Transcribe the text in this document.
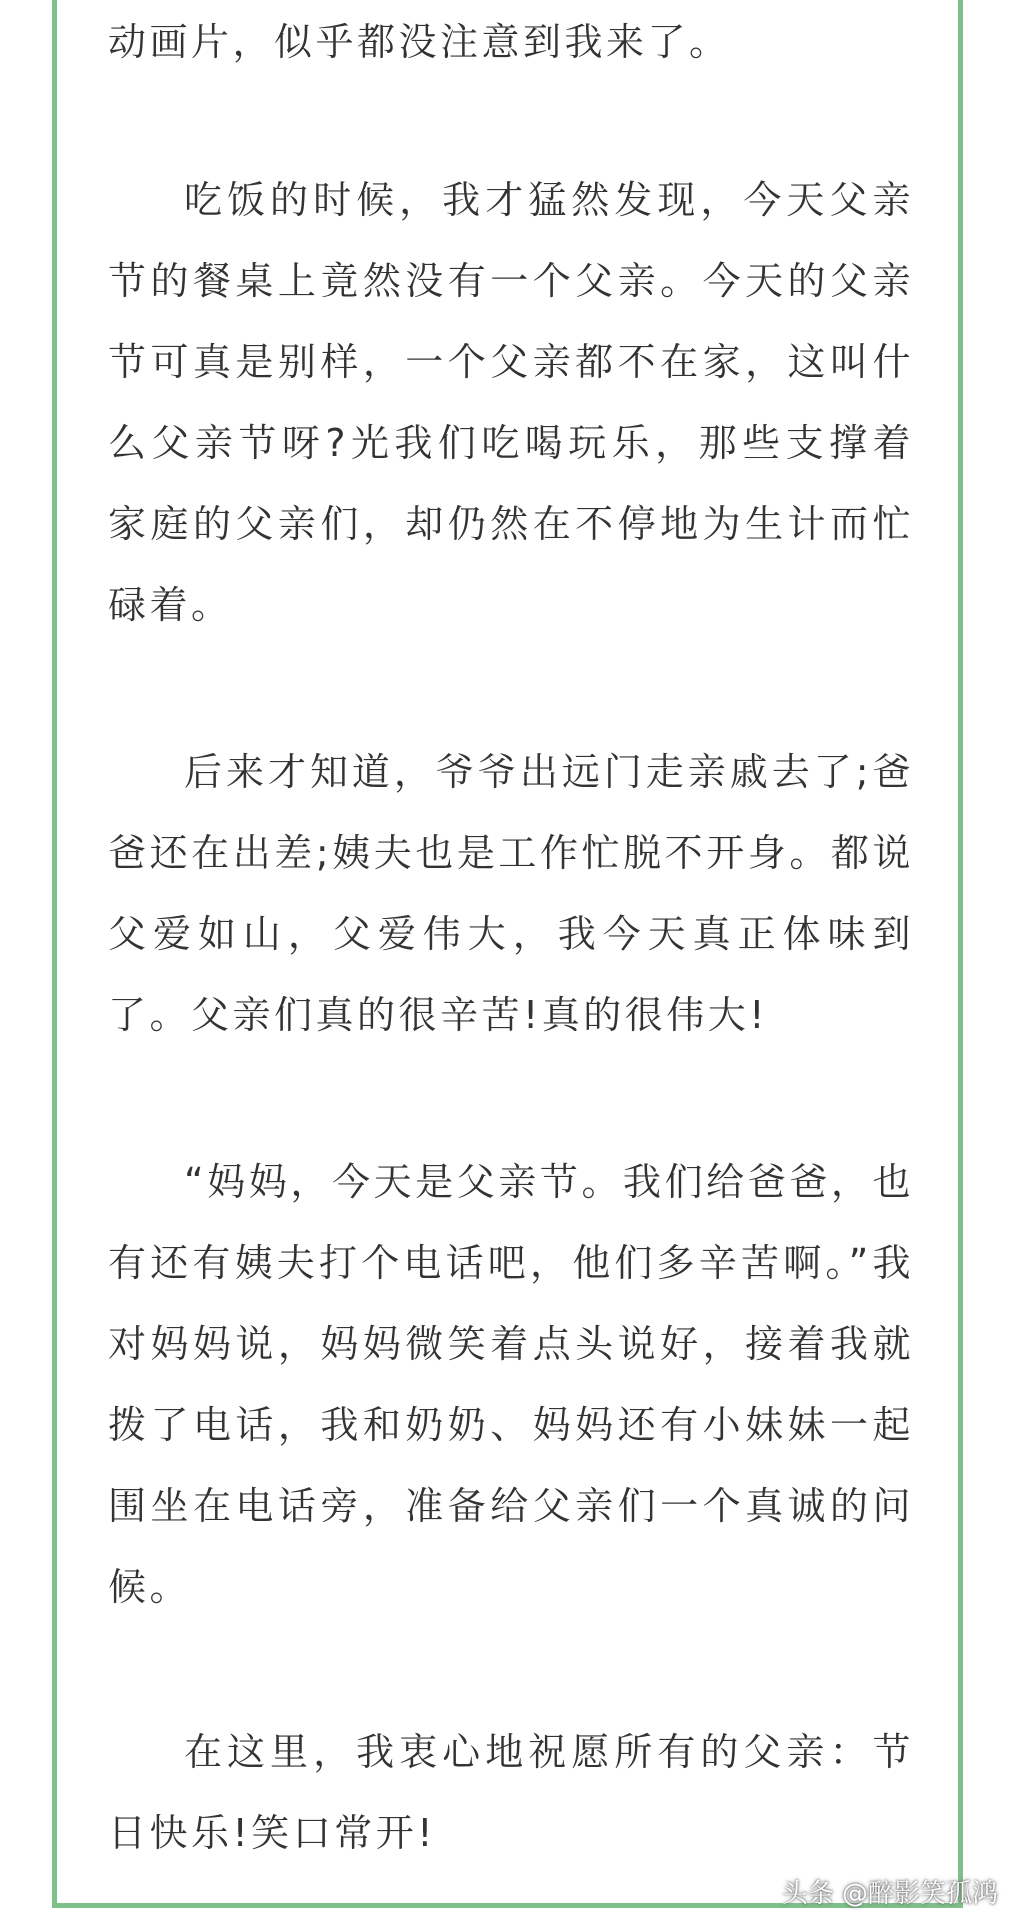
动画片，似乎都没注意到我来了。

吃饭的时候，我才猛然发现，今天父亲节的餐桌上竟然没有一个父亲。今天的父亲节可真是别样，一个父亲都不在家，这叫什么父亲节呀?光我们吃喝玩乐，那些支撑着家庭的父亲们，却仍然在不停地为生计而忙碌着。

后来才知道，爷爷出远门走亲戚去了;爸爸还在出差;姨夫也是工作忙脱不开身。都说父爱如山，父爱伟大，我今天真正体味到了。父亲们真的很辛苦!真的很伟大!

“妈妈，今天是父亲节。我们给爸爸，也有还有姨夫打个电话吧，他们多辛苦啊。”我对妈妈说，妈妈微笑着点头说好，接着我就拨了电话，我和奶奶、妈妈还有小妹妹一起围坐在电话旁，准备给父亲们一个真诚的问候。

在这里，我衷心地祝愿所有的父亲：节日快乐!笑口常开!

头条 @醉影笑孤鸿
